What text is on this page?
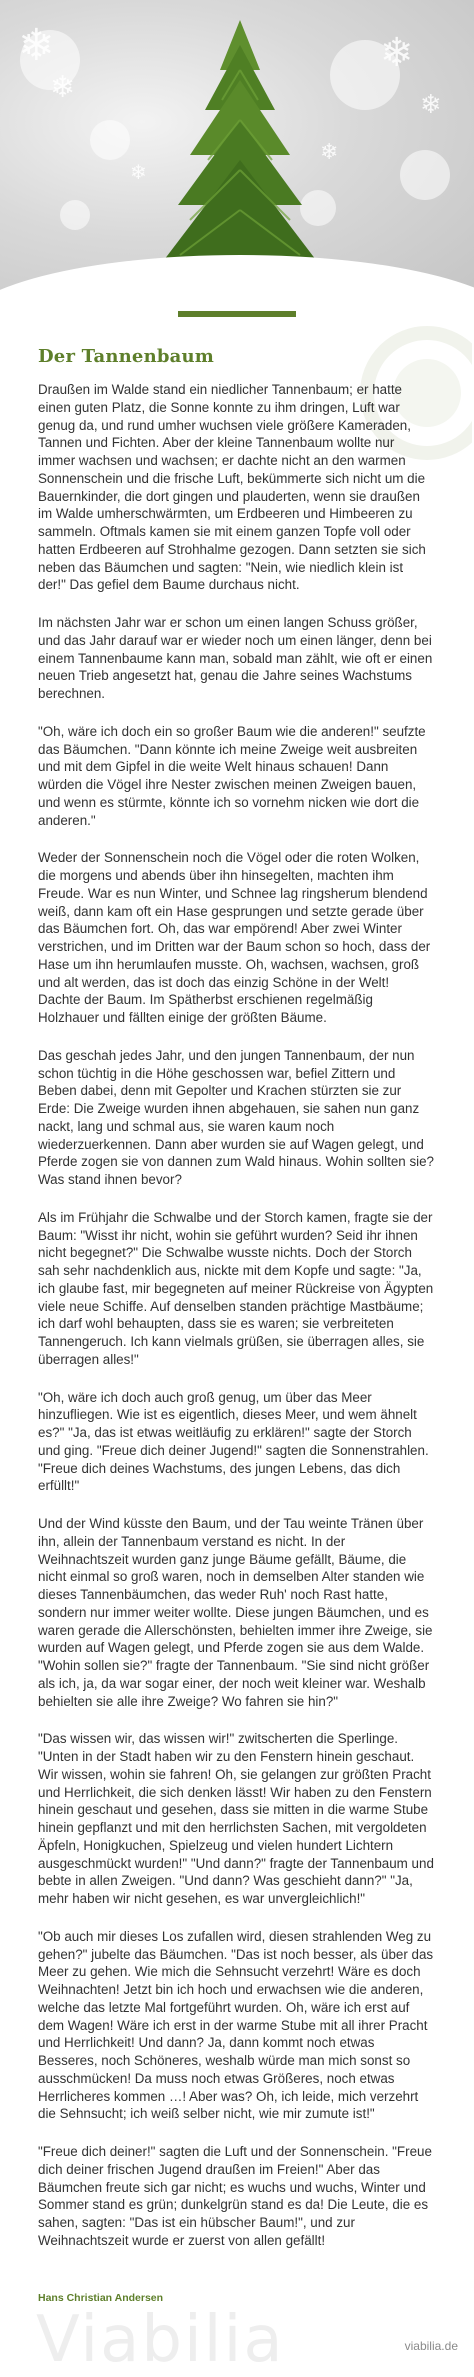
❄
❄
❄
❄
❄
❄
Der Tannenbaum

Draußen im Walde stand ein niedlicher Tannenbaum; er hatte einen guten Platz, die Sonne konnte zu ihm dringen, Luft war genug da, und rund umher wuchsen viele größere Kameraden, Tannen und Fichten. Aber der kleine Tannenbaum wollte nur immer wachsen und wachsen; er dachte nicht an den warmen Sonnenschein und die frische Luft, bekümmerte sich nicht um die Bauernkinder, die dort gingen und plauderten, wenn sie draußen im Walde umherschwärmten, um Erdbeeren und Himbeeren zu sammeln. Oftmals kamen sie mit einem ganzen Topfe voll oder hatten Erdbeeren auf Strohhalme gezogen. Dann setzten sie sich neben das Bäumchen und sagten: "Nein, wie niedlich klein ist der!" Das gefiel dem Baume durchaus nicht.

Im nächsten Jahr war er schon um einen langen Schuss größer, und das Jahr darauf war er wieder noch um einen länger, denn bei einem Tannenbaume kann man, sobald man zählt, wie oft er einen neuen Trieb angesetzt hat, genau die Jahre seines Wachstums berechnen.

"Oh, wäre ich doch ein so großer Baum wie die anderen!" seufzte das Bäumchen. "Dann könnte ich meine Zweige weit ausbreiten und mit dem Gipfel in die weite Welt hinaus schauen! Dann würden die Vögel ihre Nester zwischen meinen Zweigen bauen, und wenn es stürmte, könnte ich so vornehm nicken wie dort die anderen."

Weder der Sonnenschein noch die Vögel oder die roten Wolken, die morgens und abends über ihn hinsegelten, machten ihm Freude. War es nun Winter, und Schnee lag ringsherum blendend weiß, dann kam oft ein Hase gesprungen und setzte gerade über das Bäumchen fort. Oh, das war empörend! Aber zwei Winter verstrichen, und im Dritten war der Baum schon so hoch, dass der Hase um ihn herumlaufen musste. Oh, wachsen, wachsen, groß und alt werden, das ist doch das einzig Schöne in der Welt! Dachte der Baum. Im Spätherbst erschienen regelmäßig Holzhauer und fällten einige der größten Bäume.

Das geschah jedes Jahr, und den jungen Tannenbaum, der nun schon tüchtig in die Höhe geschossen war, befiel Zittern und Beben dabei, denn mit Gepolter und Krachen stürzten sie zur Erde: Die Zweige wurden ihnen abgehauen, sie sahen nun ganz nackt, lang und schmal aus, sie waren kaum noch wiederzuerkennen. Dann aber wurden sie auf Wagen gelegt, und Pferde zogen sie von dannen zum Wald hinaus. Wohin sollten sie? Was stand ihnen bevor?

Als im Frühjahr die Schwalbe und der Storch kamen, fragte sie der Baum: "Wisst ihr nicht, wohin sie geführt wurden? Seid ihr ihnen nicht begegnet?" Die Schwalbe wusste nichts. Doch der Storch sah sehr nachdenklich aus, nickte mit dem Kopfe und sagte: "Ja, ich glaube fast, mir begegneten auf meiner Rückreise von Ägypten viele neue Schiffe. Auf denselben standen prächtige Mastbäume; ich darf wohl behaupten, dass sie es waren; sie verbreiteten Tannengeruch. Ich kann vielmals grüßen, sie überragen alles, sie überragen alles!"

"Oh, wäre ich doch auch groß genug, um über das Meer hinzufliegen. Wie ist es eigentlich, dieses Meer, und wem ähnelt es?" "Ja, das ist etwas weitläufig zu erklären!" sagte der Storch und ging. "Freue dich deiner Jugend!" sagten die Sonnenstrahlen. "Freue dich deines Wachstums, des jungen Lebens, das dich erfüllt!"

Und der Wind küsste den Baum, und der Tau weinte Tränen über ihn, allein der Tannenbaum verstand es nicht. In der Weihnachtszeit wurden ganz junge Bäume gefällt, Bäume, die nicht einmal so groß waren, noch in demselben Alter standen wie dieses Tannenbäumchen, das weder Ruh' noch Rast hatte, sondern nur immer weiter wollte. Diese jungen Bäumchen, und es waren gerade die Allerschönsten, behielten immer ihre Zweige, sie wurden auf Wagen gelegt, und Pferde zogen sie aus dem Walde. "Wohin sollen sie?" fragte der Tannenbaum. "Sie sind nicht größer als ich, ja, da war sogar einer, der noch weit kleiner war. Weshalb behielten sie alle ihre Zweige? Wo fahren sie hin?"

"Das wissen wir, das wissen wir!" zwitscherten die Sperlinge. "Unten in der Stadt haben wir zu den Fenstern hinein geschaut. Wir wissen, wohin sie fahren! Oh, sie gelangen zur größten Pracht und Herrlichkeit, die sich denken lässt! Wir haben zu den Fenstern hinein geschaut und gesehen, dass sie mitten in die warme Stube hinein gepflanzt und mit den herrlichsten Sachen, mit vergoldeten Äpfeln, Honigkuchen, Spielzeug und vielen hundert Lichtern ausgeschmückt wurden!" "Und dann?" fragte der Tannenbaum und bebte in allen Zweigen. "Und dann? Was geschieht dann?" "Ja, mehr haben wir nicht gesehen, es war unvergleichlich!"

"Ob auch mir dieses Los zufallen wird, diesen strahlenden Weg zu gehen?" jubelte das Bäumchen. "Das ist noch besser, als über das Meer zu gehen. Wie mich die Sehnsucht verzehrt! Wäre es doch Weihnachten! Jetzt bin ich hoch und erwachsen wie die anderen, welche das letzte Mal fortgeführt wurden. Oh, wäre ich erst auf dem Wagen! Wäre ich erst in der warme Stube mit all ihrer Pracht und Herrlichkeit! Und dann? Ja, dann kommt noch etwas Besseres, noch Schöneres, weshalb würde man mich sonst so ausschmücken! Da muss noch etwas Größeres, noch etwas Herrlicheres kommen …! Aber was? Oh, ich leide, mich verzehrt die Sehnsucht; ich weiß selber nicht, wie mir zumute ist!"

"Freue dich deiner!" sagten die Luft und der Sonnenschein. "Freue dich deiner frischen Jugend draußen im Freien!" Aber das Bäumchen freute sich gar nicht; es wuchs und wuchs, Winter und Sommer stand es grün; dunkelgrün stand es da! Die Leute, die es sahen, sagten: "Das ist ein hübscher Baum!", und zur Weihnachtszeit wurde er zuerst von allen gefällt!

Hans Christian Andersen

Viabilia	viabilia.de
